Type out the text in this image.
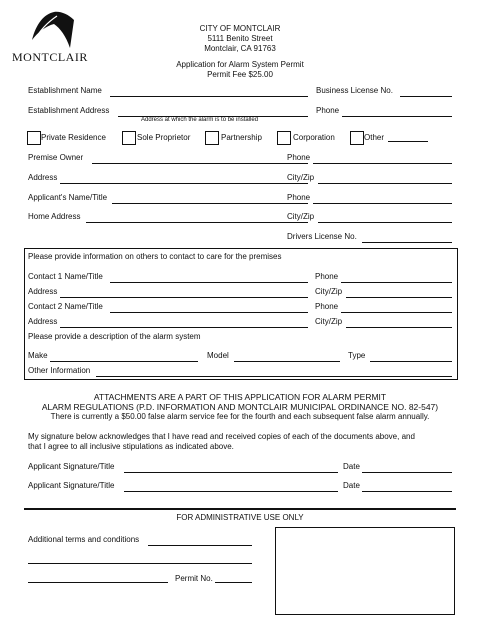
MONTCLAIR
CITY OF MONTCLAIR
5111 Benito Street
Montclair, CA 91763
Application for Alarm System Permit
Permit Fee $25.00
Establishment Name	Business License No.
Establishment Address	Phone
Address at which the alarm is to be installed
Private Residence	Sole Proprietor	Partnership	Corporation	Other
Premise Owner	Phone
Address	City/Zip
Applicant's Name/Title	Phone
Home Address	City/Zip
Drivers License No.
Please provide information on others to contact to care for the premises
Contact 1 Name/Title	Phone
Address	City/Zip
Contact 2 Name/Title	Phone
Address	City/Zip
Please provide a description of the alarm system
Make	Model	Type
Other Information
ATTACHMENTS ARE A PART OF THIS APPLICATION FOR ALARM PERMIT
ALARM REGULATIONS (P.D. INFORMATION AND MONTCLAIR MUNICIPAL ORDINANCE NO. 82-547)
There is currently a $50.00 false alarm service fee for the fourth and each subsequent false alarm annually.
My signature below acknowledges that I have read and received copies of each of the documents above, and
that I agree to all inclusive stipulations as indicated above.
Applicant Signature/Title	Date
Applicant Signature/Title	Date
FOR ADMINISTRATIVE USE ONLY
Additional terms and conditions
Permit No.
